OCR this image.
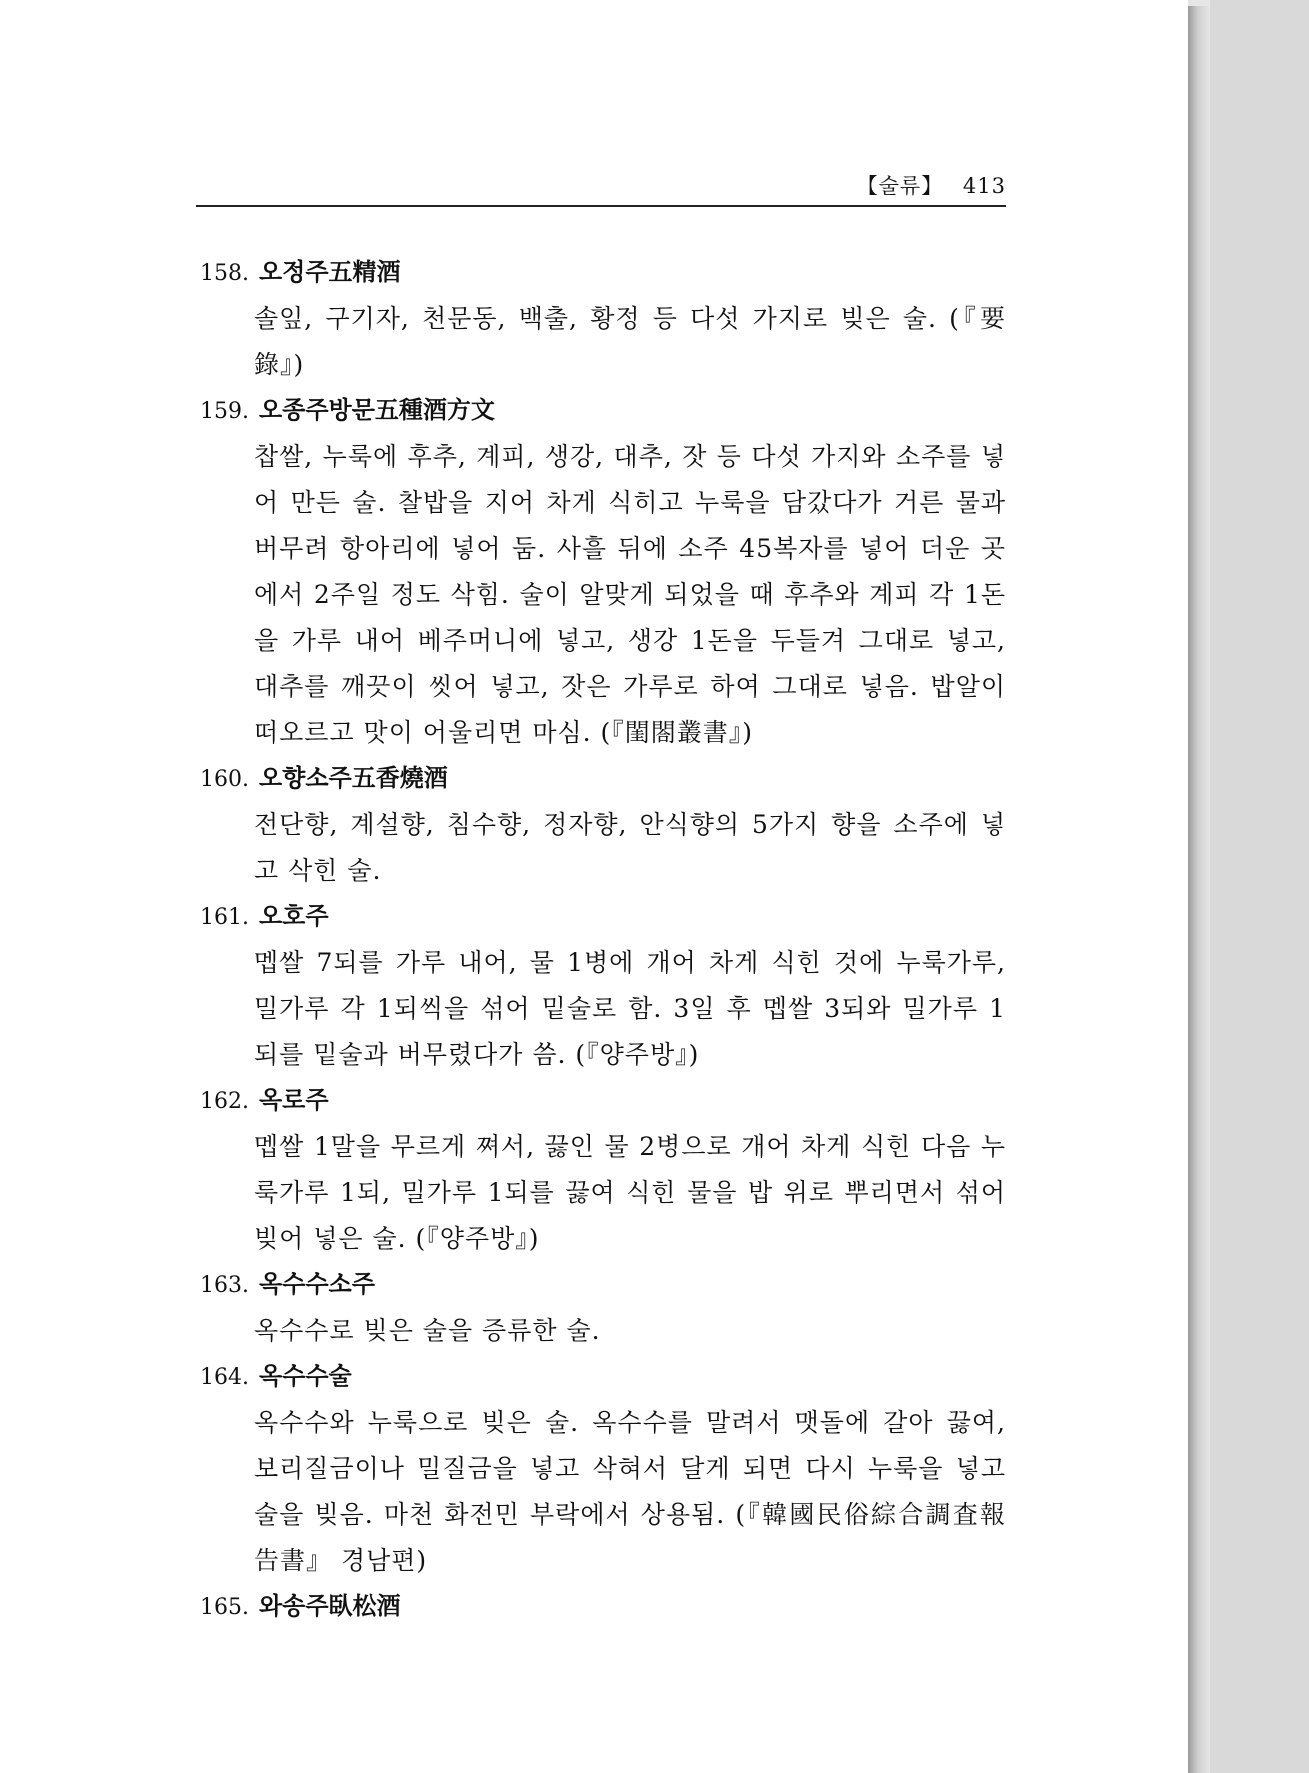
【술류】 413
158. 오정주五精酒
솔잎, 구기자, 천문동, 백출, 황정 등 다섯 가지로 빚은 술. (『要錄』)
159. 오종주방문五種酒方文
찹쌀, 누룩에 후추, 계피, 생강, 대추, 잣 등 다섯 가지와 소주를 넣어 만든 술. 찰밥을 지어 차게 식히고 누룩을 담갔다가 거른 물과 버무려 항아리에 넣어 둠. 사흘 뒤에 소주 45복자를 넣어 더운 곳에서 2주일 정도 삭힘. 술이 알맞게 되었을 때 후추와 계피 각 1돈을 가루 내어 베주머니에 넣고, 생강 1돈을 두들겨 그대로 넣고, 대추를 깨끗이 씻어 넣고, 잣은 가루로 하여 그대로 넣음. 밥알이 떠오르고 맛이 어울리면 마심. (『閨閤叢書』)
160. 오향소주五香燒酒
전단향, 계설향, 침수향, 정자향, 안식향의 5가지 향을 소주에 넣고 삭힌 술.
161. 오호주
멥쌀 7되를 가루 내어, 물 1병에 개어 차게 식힌 것에 누룩가루, 밀가루 각 1되씩을 섞어 밑술로 함. 3일 후 멥쌀 3되와 밀가루 1되를 밑술과 버무렸다가 씀. (『양주방』)
162. 옥로주
멥쌀 1말을 무르게 쪄서, 끓인 물 2병으로 개어 차게 식힌 다음 누룩가루 1되, 밀가루 1되를 끓여 식힌 물을 밥 위로 뿌리면서 섞어 빚어 넣은 술. (『양주방』)
163. 옥수수소주
옥수수로 빚은 술을 증류한 술.
164. 옥수수술
옥수수와 누룩으로 빚은 술. 옥수수를 말려서 맷돌에 갈아 끓여, 보리질금이나 밀질금을 넣고 삭혀서 달게 되면 다시 누룩을 넣고 술을 빚음. 마천 화전민 부락에서 상용됨. (『韓國民俗綜合調査報告書』 경남편)
165. 와송주臥松酒
